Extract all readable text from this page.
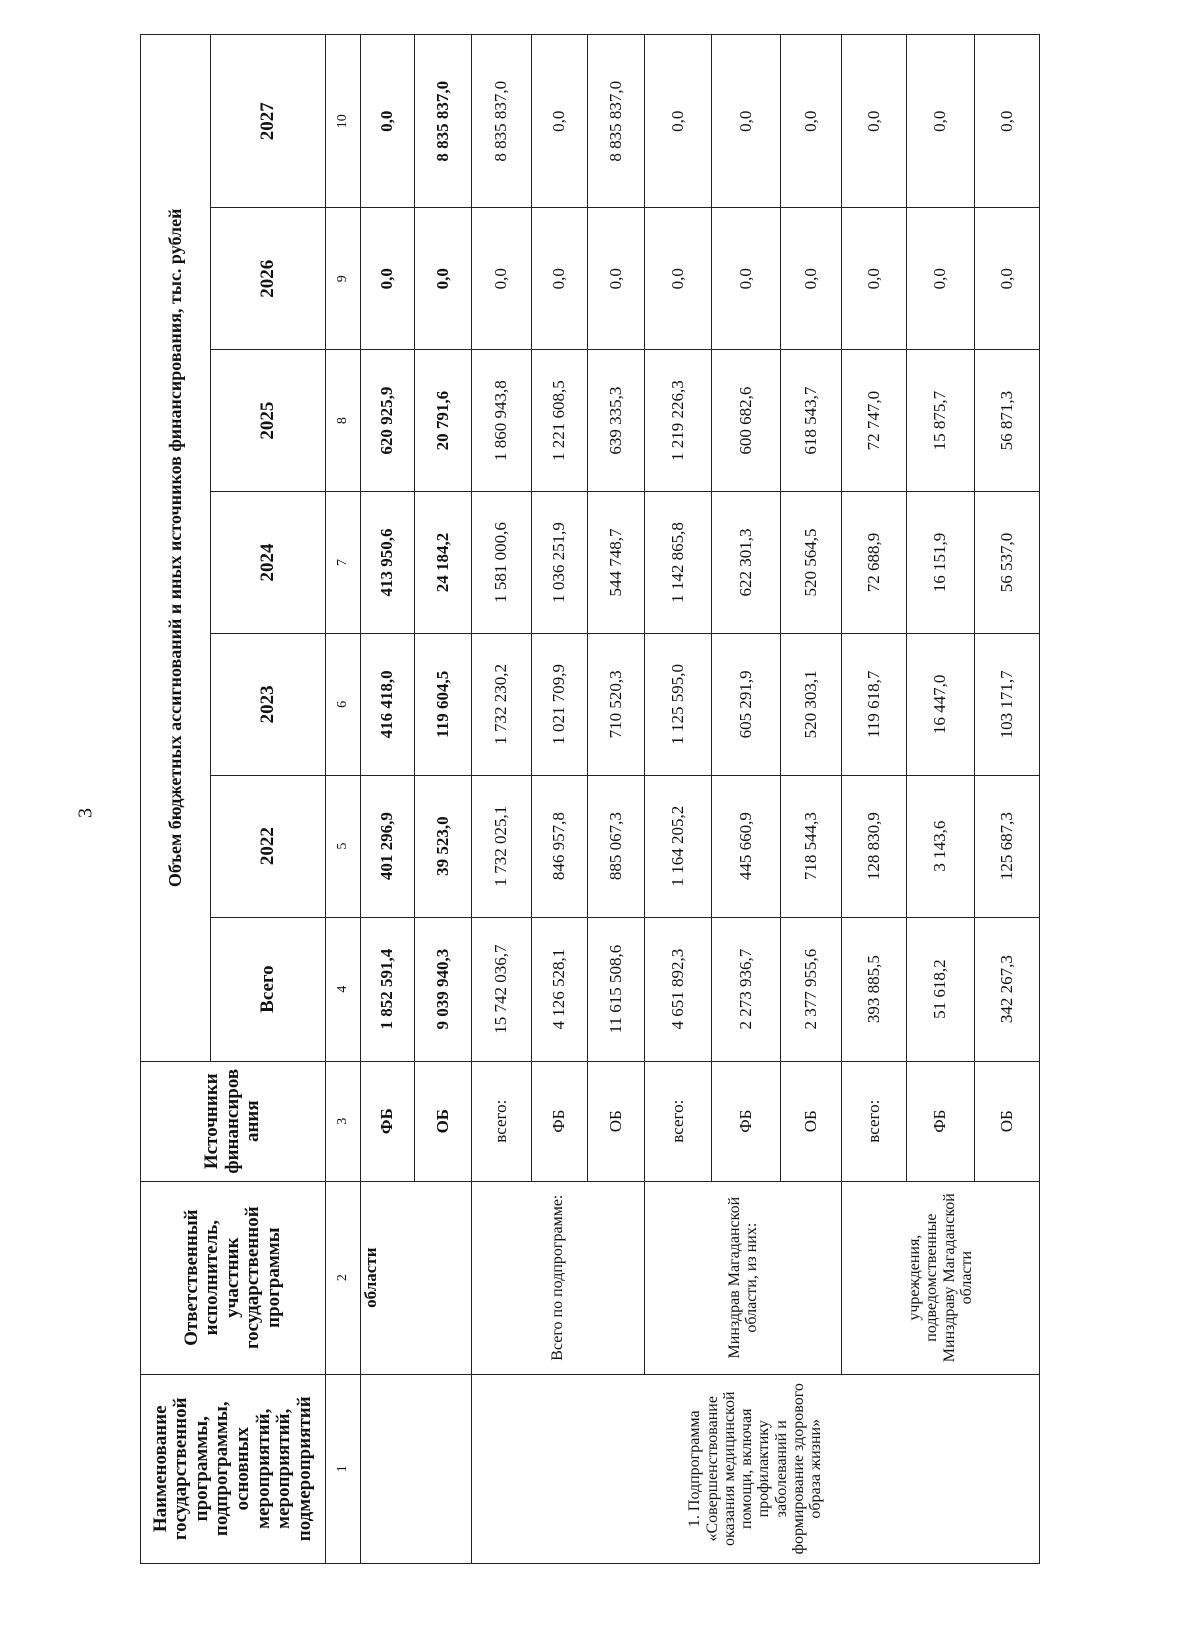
3
Наименование государственной программы, подпрограммы, основных мероприятий, мероприятий, подмероприятий	Ответственный исполнитель, участник государственной программы	Источники финансиров ания	Объем бюджетных ассигнований и иных источников финансирования, тыс. рублей						
			Всего	2022	2023	2024	2025	2026	2027
1	2	3	4	5	6	7	8	9	10
	области	ФБ	1 852 591,4	401 296,9	416 418,0	413 950,6	620 925,9	0,0	0,0
		ОБ	9 039 940,3	39 523,0	119 604,5	24 184,2	20 791,6	0,0	8 835 837,0
1. Подпрограмма «Совершенствование оказания медицинской помощи, включая профилактику заболеваний и формирование здорового образа жизни»	Всего по подпрограмме:	всего:	15 742 036,7	1 732 025,1	1 732 230,2	1 581 000,6	1 860 943,8	0,0	8 835 837,0
		ФБ	4 126 528,1	846 957,8	1 021 709,9	1 036 251,9	1 221 608,5	0,0	0,0
		ОБ	11 615 508,6	885 067,3	710 520,3	544 748,7	639 335,3	0,0	8 835 837,0
	Минздрав Магаданской области, из них:	всего:	4 651 892,3	1 164 205,2	1 125 595,0	1 142 865,8	1 219 226,3	0,0	0,0
		ФБ	2 273 936,7	445 660,9	605 291,9	622 301,3	600 682,6	0,0	0,0
		ОБ	2 377 955,6	718 544,3	520 303,1	520 564,5	618 543,7	0,0	0,0
	учреждения, подведомственные Минздраву Магаданской области	всего:	393 885,5	128 830,9	119 618,7	72 688,9	72 747,0	0,0	0,0
		ФБ	51 618,2	3 143,6	16 447,0	16 151,9	15 875,7	0,0	0,0
		ОБ	342 267,3	125 687,3	103 171,7	56 537,0	56 871,3	0,0	0,0
